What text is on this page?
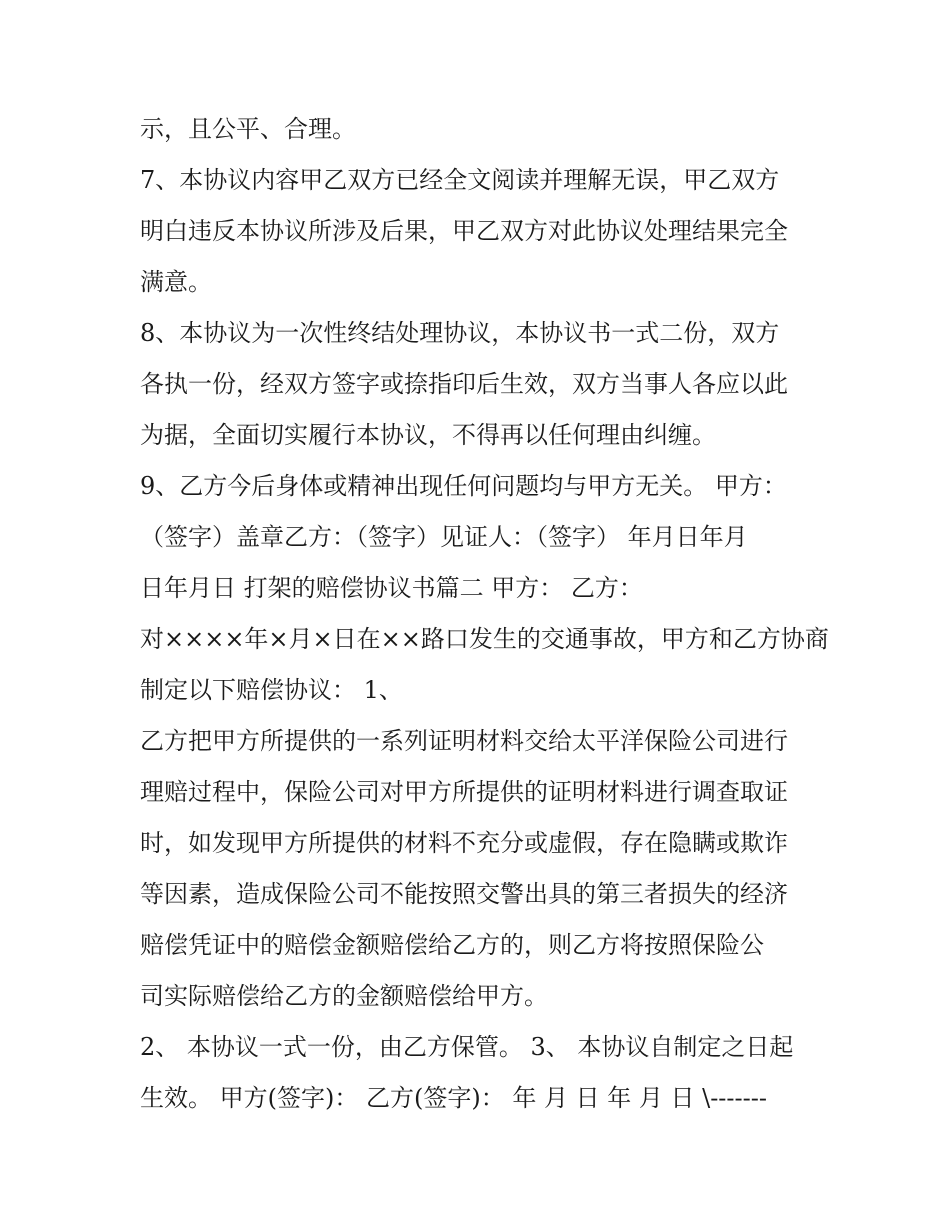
示，且公平、合理。
7、本协议内容甲乙双方已经全文阅读并理解无误，甲乙双方
明白违反本协议所涉及后果，甲乙双方对此协议处理结果完全
满意。
8、本协议为一次性终结处理协议，本协议书一式二份，双方
各执一份，经双方签字或捺指印后生效，双方当事人各应以此
为据，全面切实履行本协议，不得再以任何理由纠缠。
9、乙方今后身体或精神出现任何问题均与甲方无关。 甲方：
（签字）盖章乙方：（签字）见证人：（签字） 年月日年月
日年月日 打架的赔偿协议书篇二 甲方： 乙方：
对××××年×月×日在××路口发生的交通事故，甲方和乙方协商
制定以下赔偿协议： 1、
乙方把甲方所提供的一系列证明材料交给太平洋保险公司进行
理赔过程中，保险公司对甲方所提供的证明材料进行调查取证
时，如发现甲方所提供的材料不充分或虚假，存在隐瞒或欺诈
等因素，造成保险公司不能按照交警出具的第三者损失的经济
赔偿凭证中的赔偿金额赔偿给乙方的，则乙方将按照保险公
司实际赔偿给乙方的金额赔偿给甲方。
2、 本协议一式一份，由乙方保管。 3、 本协议自制定之日起
生效。 甲方(签字)： 乙方(签字)： 年 月 日 年 月 日 \-------
